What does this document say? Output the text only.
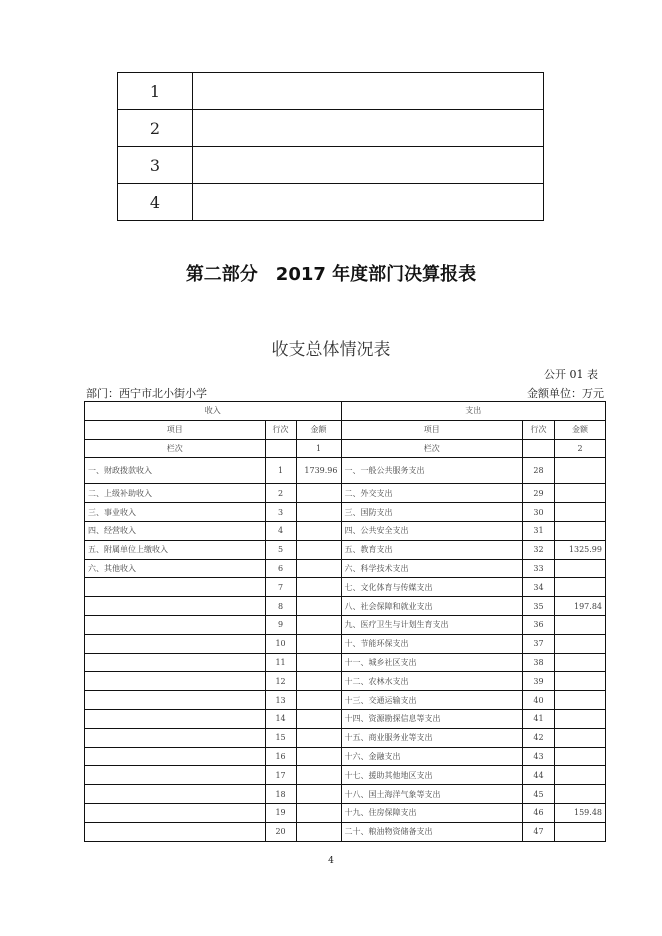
1	
2	
3	
4	
第二部分　2017 年度部门决算报表
收支总体情况表
公开 01 表
部门：西宁市北小街小学	金额单位：万元
收入			支出		
项目	行次	金额	项目	行次	金额
栏次		1	栏次		2
一、财政拨款收入	1	1739.96	一、一般公共服务支出	28	
二、上级补助收入	2		二、外交支出	29	
三、事业收入	3		三、国防支出	30	
四、经营收入	4		四、公共安全支出	31	
五、附属单位上缴收入	5		五、教育支出	32	1325.99
六、其他收入	6		六、科学技术支出	33	
	7		七、文化体育与传媒支出	34	
	8		八、社会保障和就业支出	35	197.84
	9		九、医疗卫生与计划生育支出	36	
	10		十、节能环保支出	37	
	11		十一、城乡社区支出	38	
	12		十二、农林水支出	39	
	13		十三、交通运输支出	40	
	14		十四、资源勘探信息等支出	41	
	15		十五、商业服务业等支出	42	
	16		十六、金融支出	43	
	17		十七、援助其他地区支出	44	
	18		十八、国土海洋气象等支出	45	
	19		十九、住房保障支出	46	159.48
	20		二十、粮油物资储备支出	47	
4
